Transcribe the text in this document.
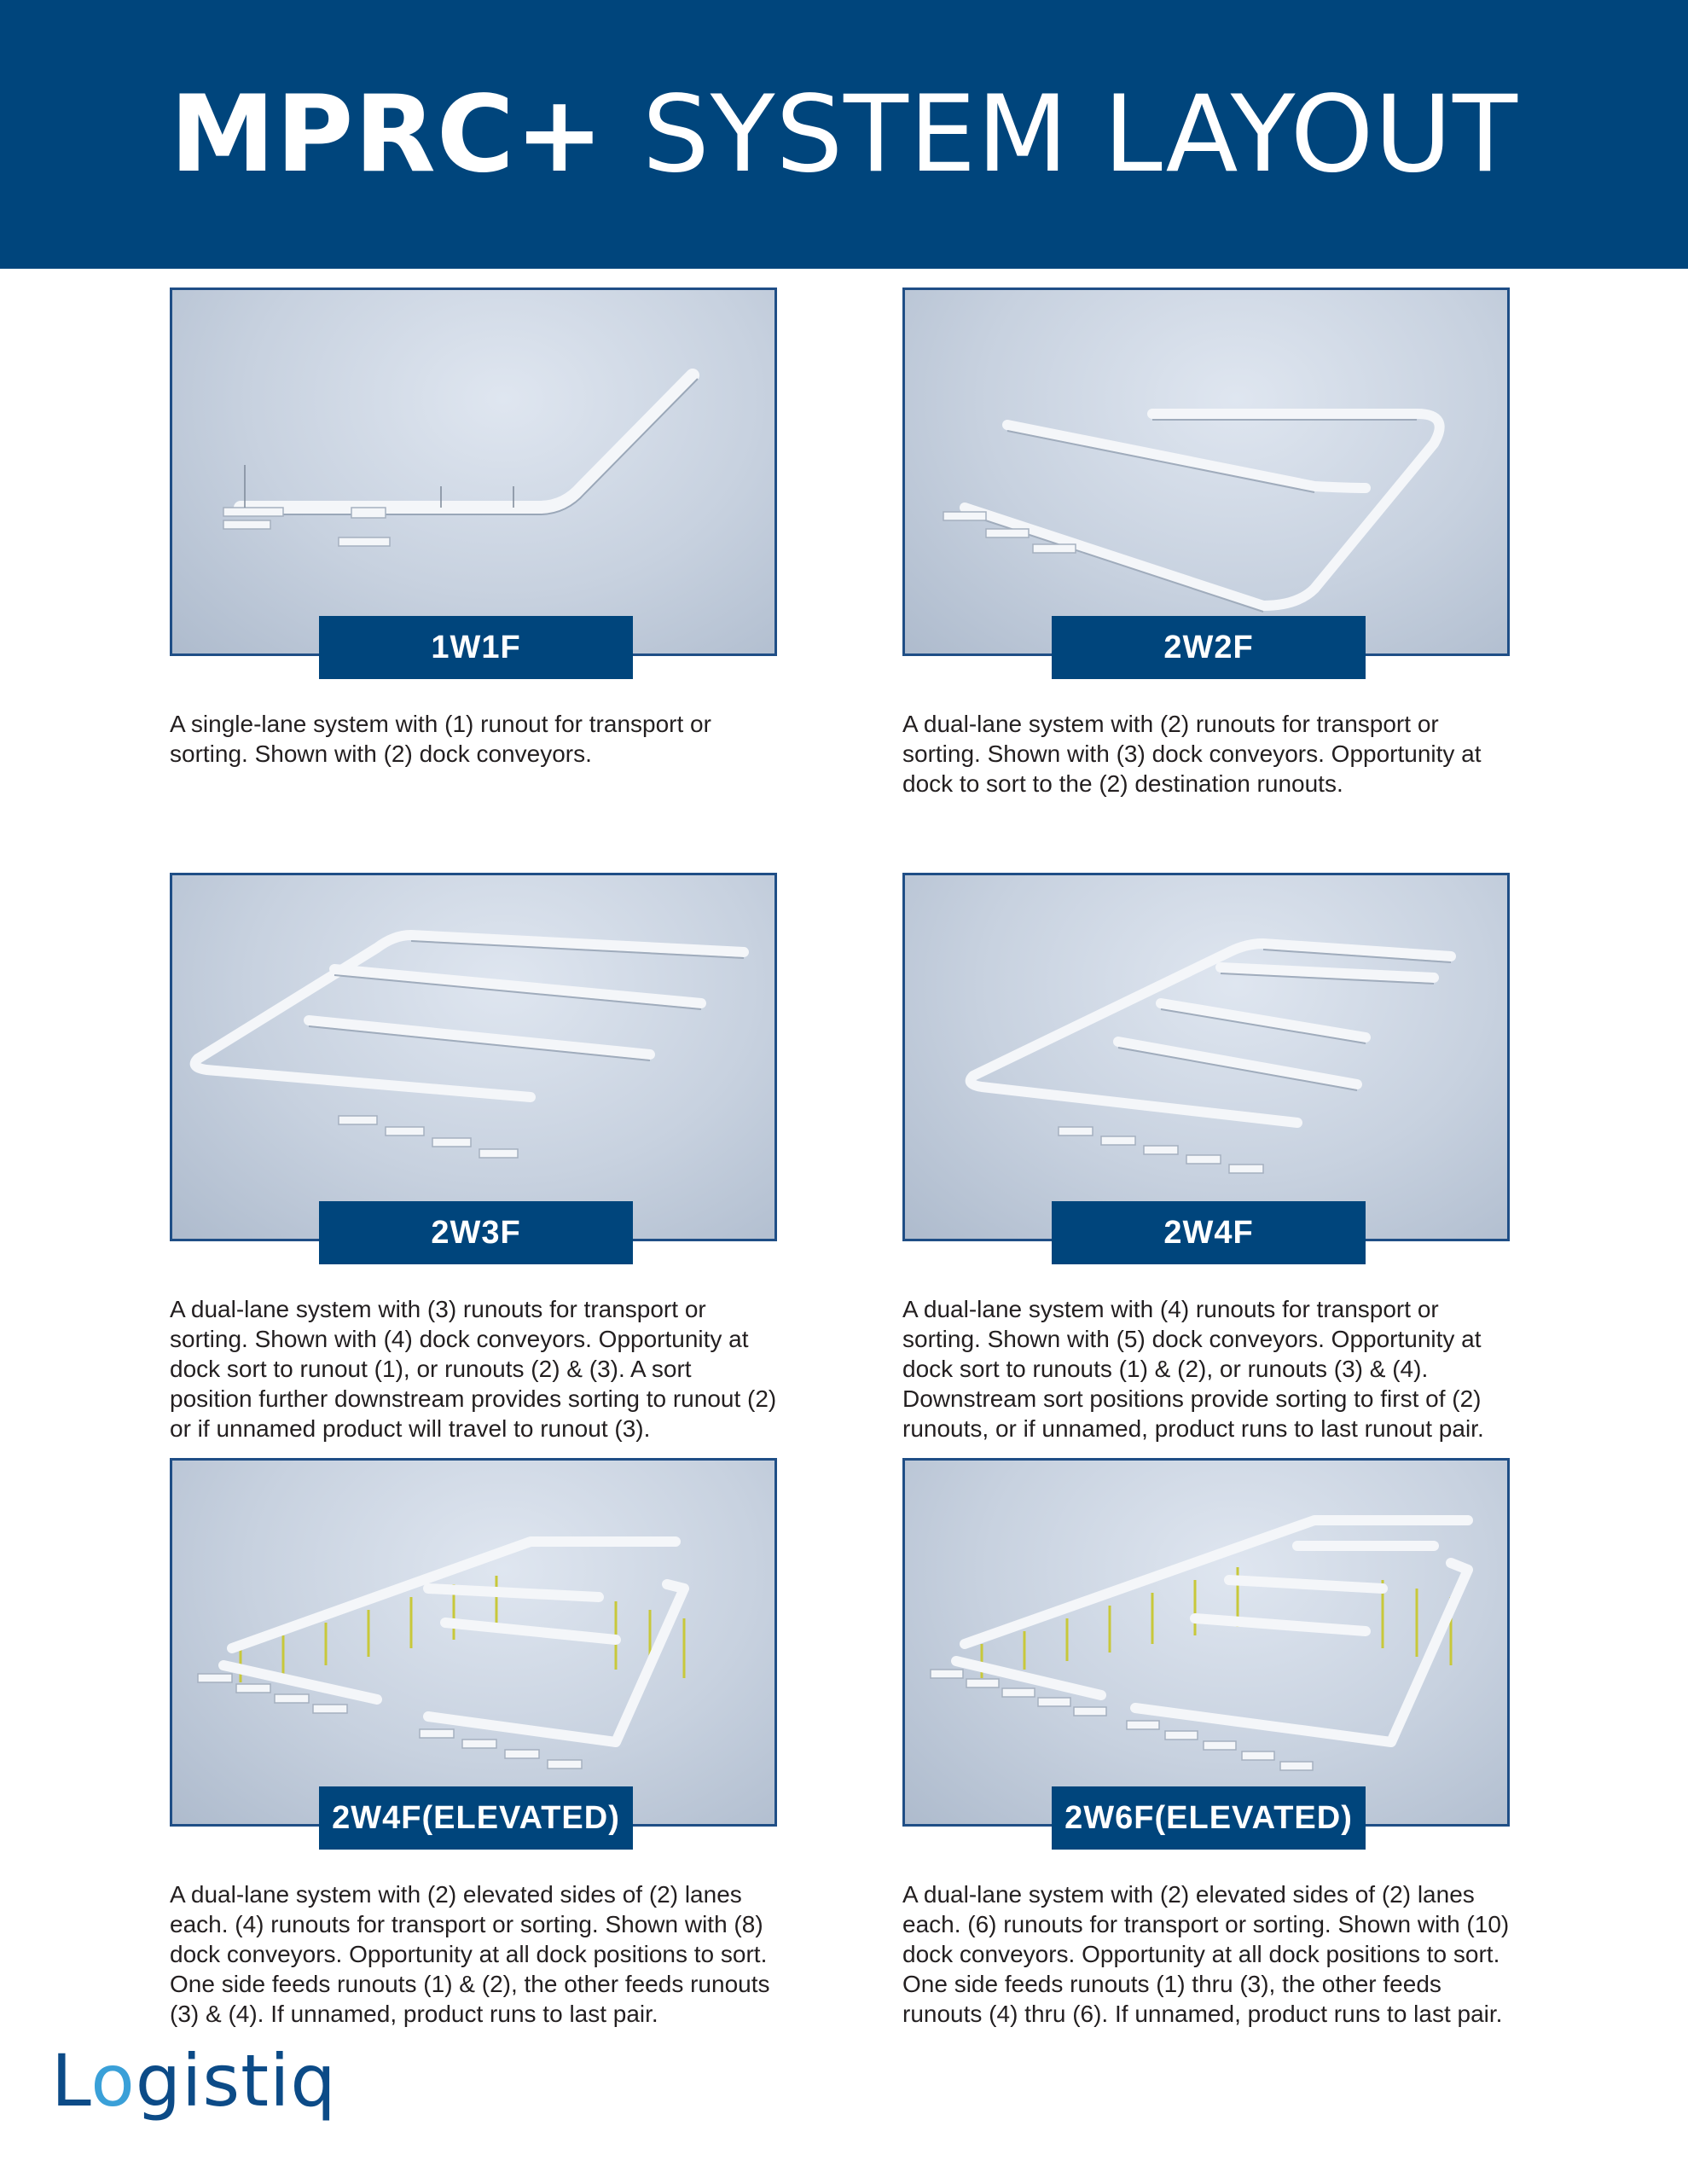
MPRC+ SYSTEM LAYOUT
1W1F

A single-lane system with (1) runout for transport or sorting. Shown with (2) dock conveyors.

2W2F

A dual-lane system with (2) runouts for transport or sorting. Shown with (3) dock conveyors. Opportunity at dock to sort to the (2) destination runouts.

2W3F

A dual-lane system with (3) runouts for transport or sorting. Shown with (4) dock conveyors. Opportunity at dock sort to runout (1), or runouts (2) & (3). A sort position further downstream provides sorting to runout (2) or if unnamed product will travel to runout (3).

2W4F

A dual-lane system with (4) runouts for transport or sorting. Shown with (5) dock conveyors. Opportunity at dock sort to runouts (1) & (2), or runouts (3) & (4). Downstream sort positions provide sorting to first of (2) runouts, or if unnamed, product runs to last runout pair.

2W4F(ELEVATED)

A dual-lane system with (2) elevated sides of (2) lanes each. (4) runouts for transport or sorting. Shown with (8) dock conveyors. Opportunity at all dock positions to sort. One side feeds runouts (1) & (2), the other feeds runouts (3) & (4). If unnamed, product runs to last pair.

2W6F(ELEVATED)

A dual-lane system with (2) elevated sides of (2) lanes each. (6) runouts for transport or sorting. Shown with (10) dock conveyors. Opportunity at all dock positions to sort. One side feeds runouts (1) thru (3), the other feeds runouts (4) thru (6). If unnamed, product runs to last pair.

Logistiq
